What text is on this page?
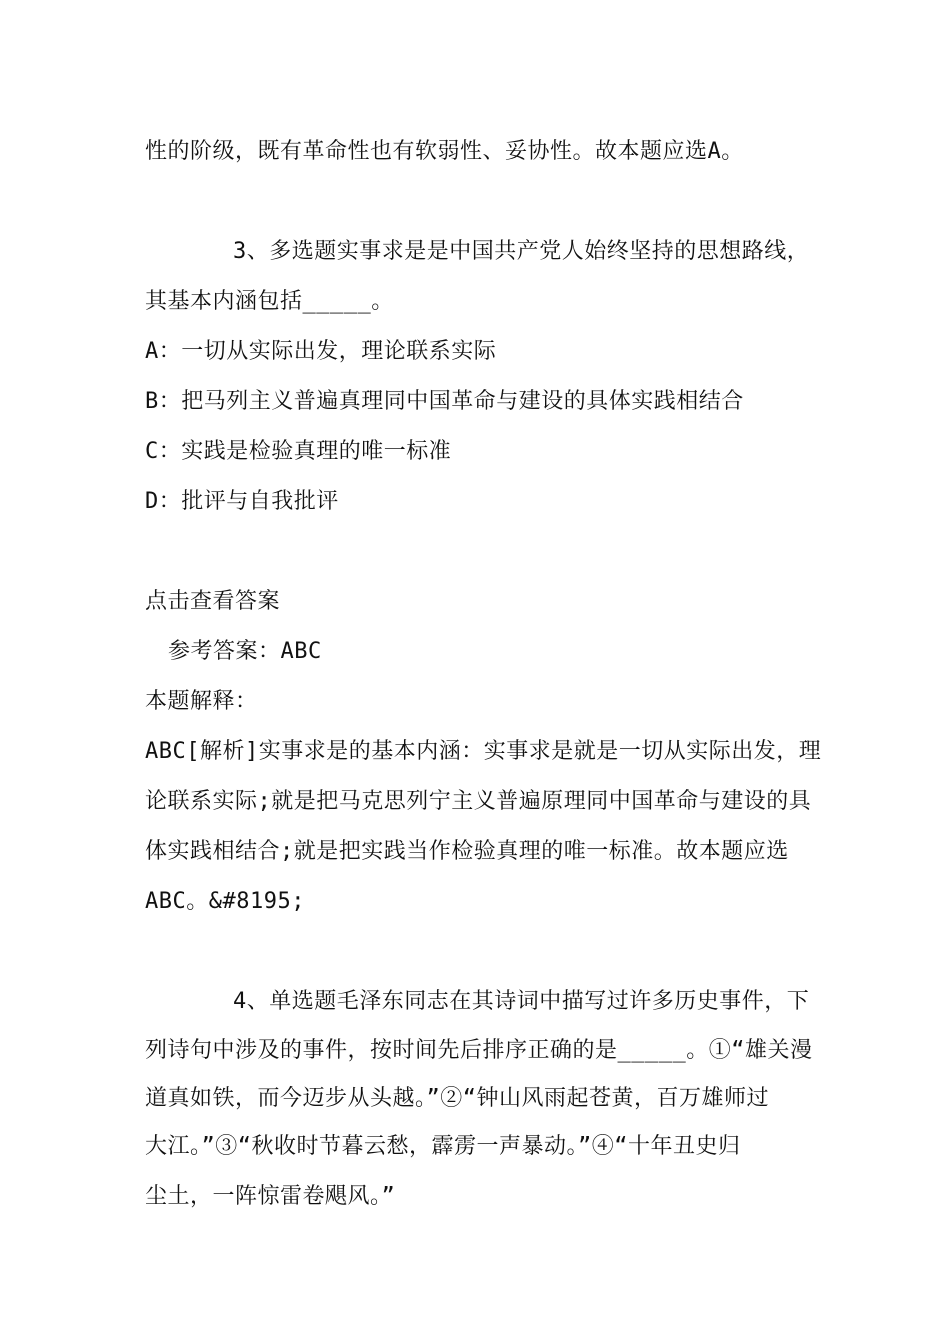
性的阶级，既有革命性也有软弱性、妥协性。故本题应选A。
3、多选题实事求是是中国共产党人始终坚持的思想路线，
其基本内涵包括_____。
A：一切从实际出发，理论联系实际
B：把马列主义普遍真理同中国革命与建设的具体实践相结合
C：实践是检验真理的唯一标准
D：批评与自我批评
点击查看答案
参考答案：ABC
本题解释：
ABC[解析]实事求是的基本内涵：实事求是就是一切从实际出发，理
论联系实际;就是把马克思列宁主义普遍原理同中国革命与建设的具
体实践相结合;就是把实践当作检验真理的唯一标准。故本题应选
ABC。&#8195;
4、单选题毛泽东同志在其诗词中描写过许多历史事件，下
列诗句中涉及的事件，按时间先后排序正确的是_____。①“雄关漫
道真如铁，而今迈步从头越。”②“钟山风雨起苍黄，百万雄师过
大江。”③“秋收时节暮云愁，霹雳一声暴动。”④“十年丑史归
尘土，一阵惊雷卷飓风。”
